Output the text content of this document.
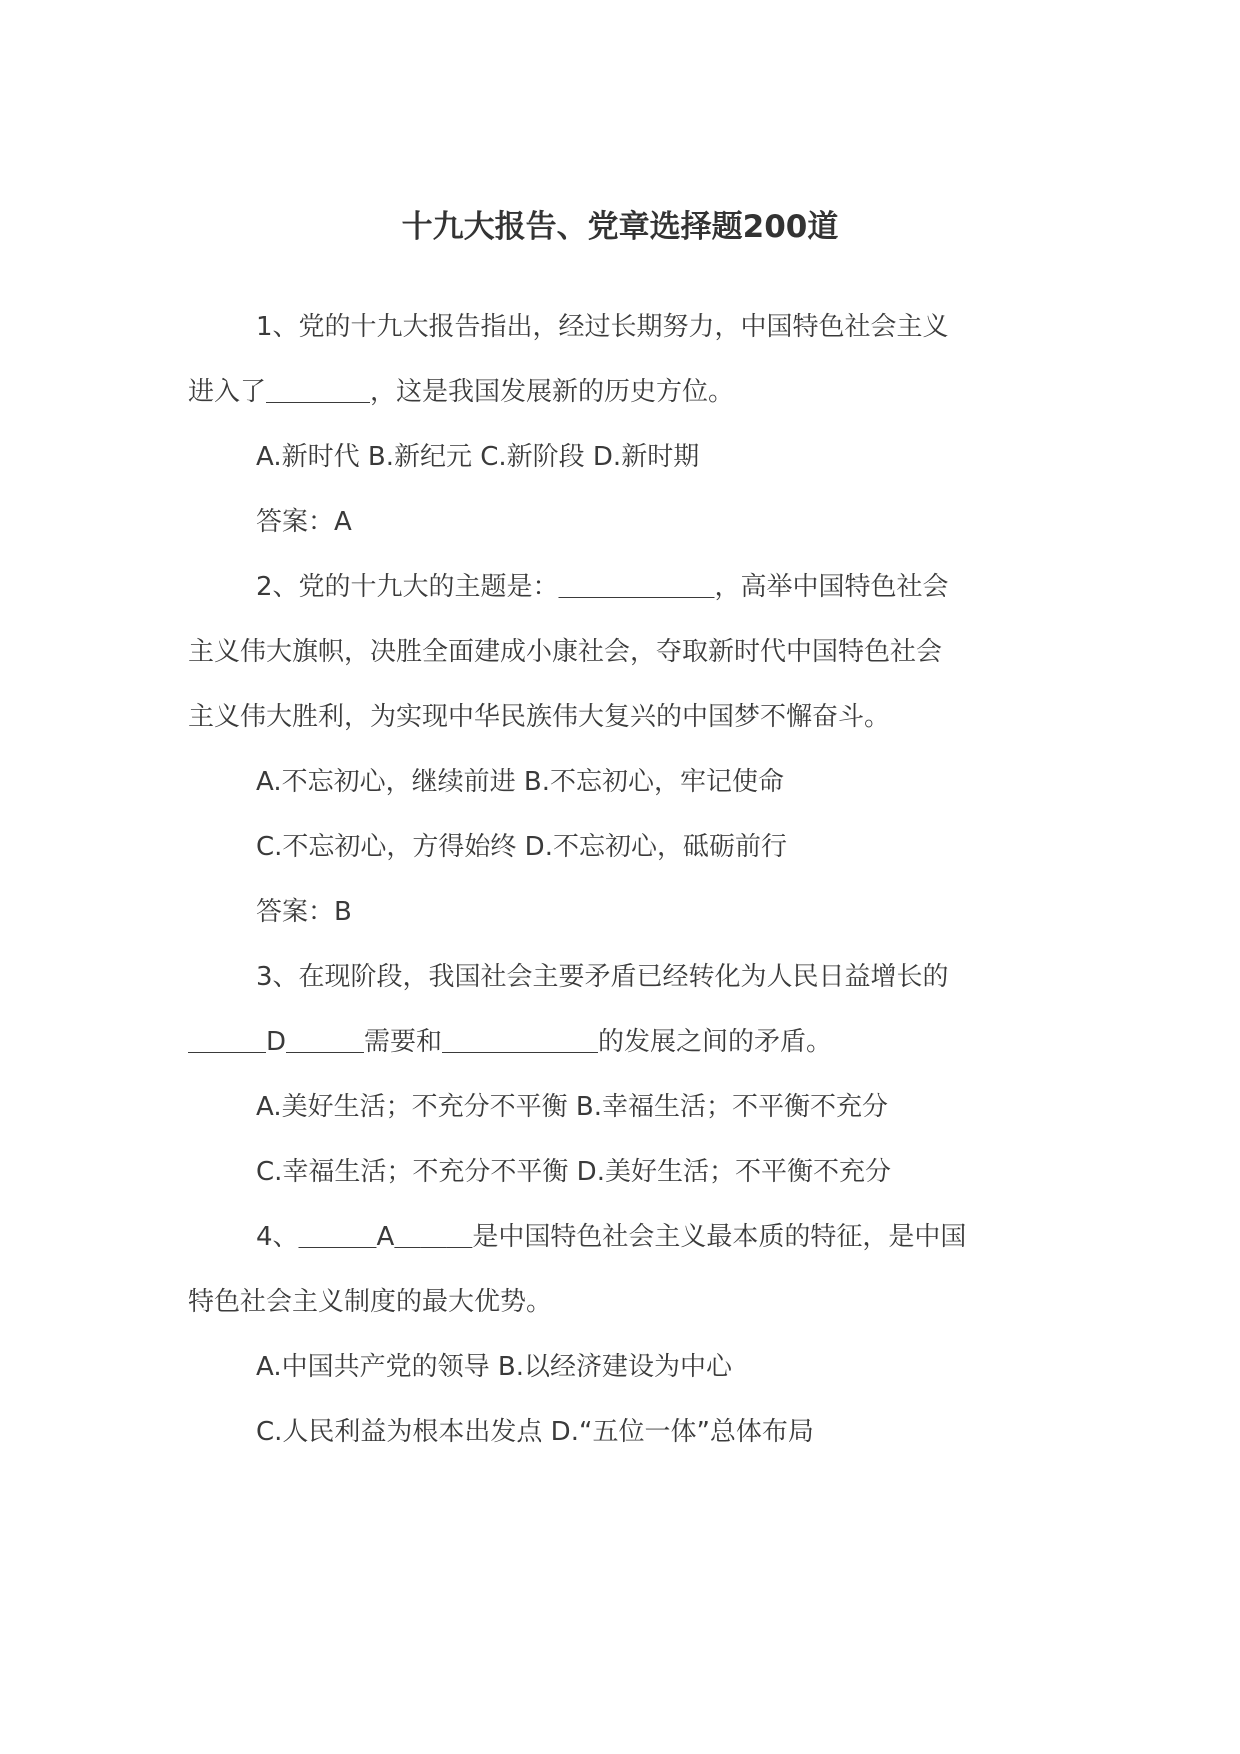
十九大报告、党章选择题200道

1、党的十九大报告指出，经过长期努力，中国特色社会主义

进入了＿＿＿＿，这是我国发展新的历史方位。

A.新时代 B.新纪元 C.新阶段 D.新时期

答案：A

2、党的十九大的主题是：＿＿＿＿＿＿，高举中国特色社会

主义伟大旗帜，决胜全面建成小康社会，夺取新时代中国特色社会

主义伟大胜利，为实现中华民族伟大复兴的中国梦不懈奋斗。

A.不忘初心，继续前进 B.不忘初心，牢记使命

C.不忘初心，方得始终 D.不忘初心，砥砺前行

答案：B

3、在现阶段，我国社会主要矛盾已经转化为人民日益增长的

＿＿＿D＿＿＿需要和＿＿＿＿＿＿的发展之间的矛盾。

A.美好生活；不充分不平衡 B.幸福生活；不平衡不充分

C.幸福生活；不充分不平衡 D.美好生活；不平衡不充分

4、＿＿＿A＿＿＿是中国特色社会主义最本质的特征，是中国

特色社会主义制度的最大优势。

A.中国共产党的领导 B.以经济建设为中心

C.人民利益为根本出发点 D.“五位一体”总体布局
